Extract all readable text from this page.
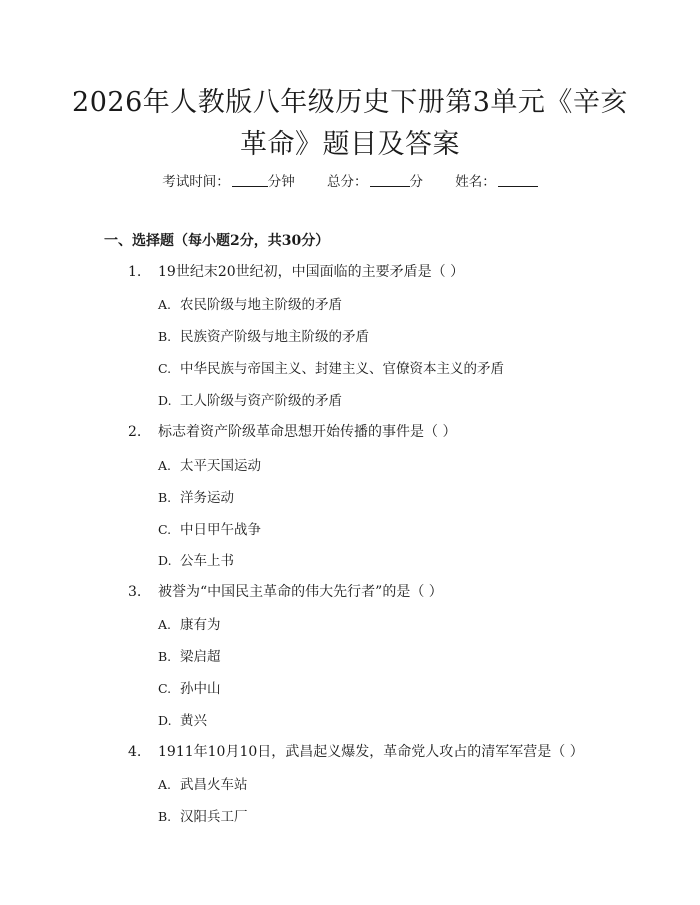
2026年人教版八年级历史下册第3单元《辛亥革命》题目及答案
考试时间：	分钟 总分：	分 姓名：
一、选择题（每小题2分，共30分）
1. 19世纪末20世纪初，中国面临的主要矛盾是（ ）
A. 农民阶级与地主阶级的矛盾
B. 民族资产阶级与地主阶级的矛盾
C. 中华民族与帝国主义、封建主义、官僚资本主义的矛盾
D. 工人阶级与资产阶级的矛盾
2. 标志着资产阶级革命思想开始传播的事件是（ ）
A. 太平天国运动
B. 洋务运动
C. 中日甲午战争
D. 公车上书
3. 被誉为“中国民主革命的伟大先行者”的是（ ）
A. 康有为
B. 梁启超
C. 孙中山
D. 黄兴
4. 1911年10月10日，武昌起义爆发，革命党人攻占的清军军营是（ ）
A. 武昌火车站
B. 汉阳兵工厂
